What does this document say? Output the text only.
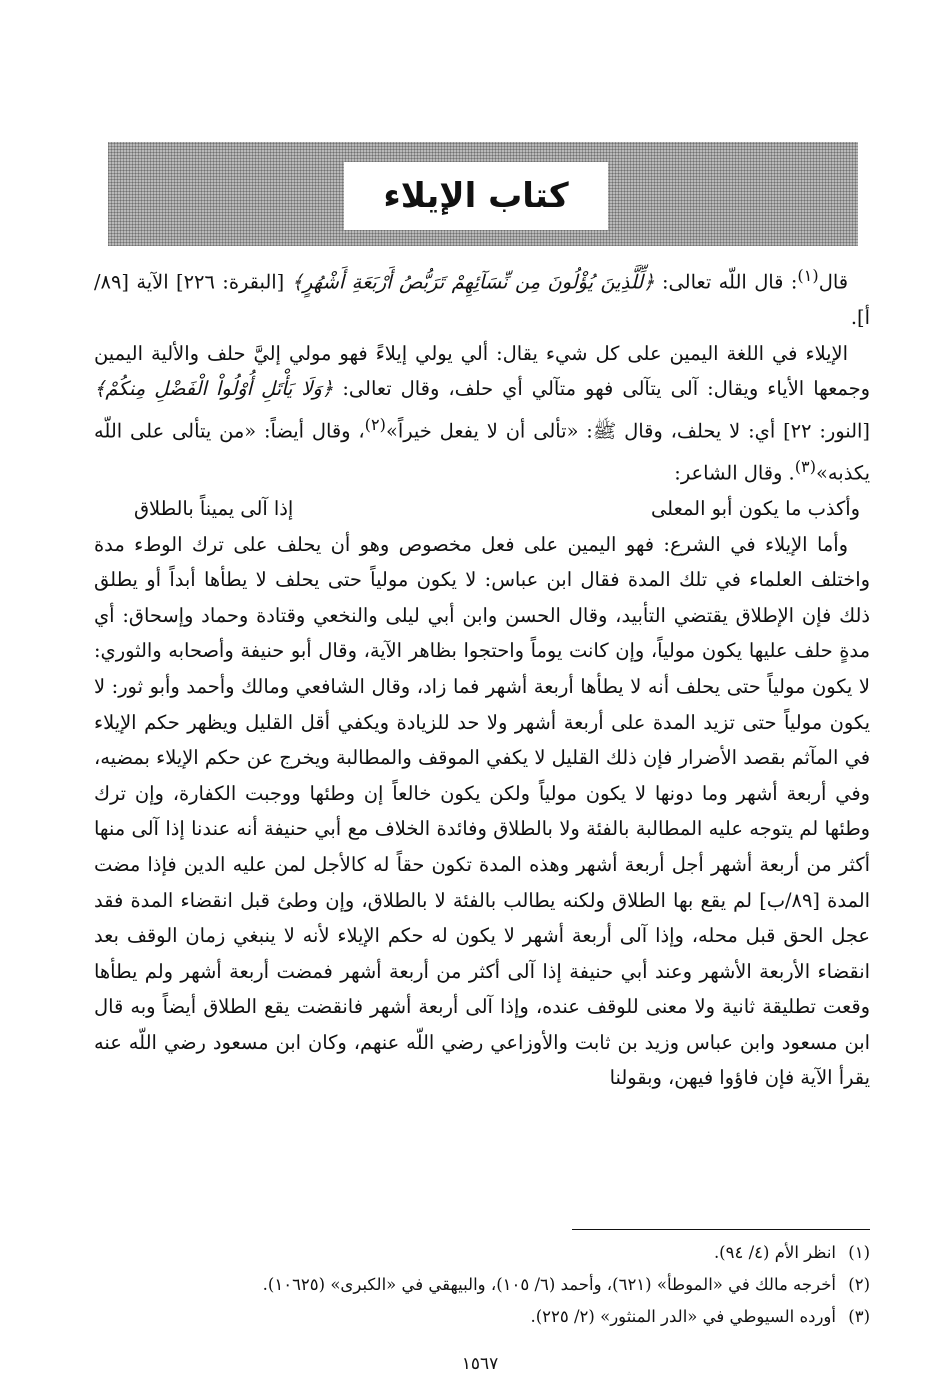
كتاب الإيلاء

قال$^{(١)}$: قال اللّه تعالى: ﴿لِّلَّذِينَ يُؤْلُونَ مِن نِّسَآئِهِمْ تَرَبُّصُ أَرْبَعَةِ أَشْهُرٍ﴾ [البقرة: ٢٢٦] الآية [٨٩/أ].

الإيلاء في اللغة اليمين على كل شيء يقال: ألي يولي إيلاءً فهو مولي إليَّ حلف والألية اليمين وجمعها الأياء ويقال: آلى يتآلى فهو متآلي أي حلف، وقال تعالى: ﴿وَلَا يَأْتَلِ أُوْلُواْ الْفَضْلِ مِنكُمْ﴾ [النور: ٢٢] أي: لا يحلف، وقال ﷺ: «تألى أن لا يفعل خيراً»$^{(٢)}$، وقال أيضاً: «من يتألى على اللّه يكذبه»$^{(٣)}$. وقال الشاعر:

وأكذب ما يكون أبو المعلى
إذا آلى يميناً بالطلاق

وأما الإيلاء في الشرع: فهو اليمين على فعل مخصوص وهو أن يحلف على ترك الوطء مدة واختلف العلماء في تلك المدة فقال ابن عباس: لا يكون مولياً حتى يحلف لا يطأها أبداً أو يطلق ذلك فإن الإطلاق يقتضي التأبيد، وقال الحسن وابن أبي ليلى والنخعي وقتادة وحماد وإسحاق: أي مدةٍ حلف عليها يكون مولياً، وإن كانت يوماً واحتجوا بظاهر الآية، وقال أبو حنيفة وأصحابه والثوري: لا يكون مولياً حتى يحلف أنه لا يطأها أربعة أشهر فما زاد، وقال الشافعي ومالك وأحمد وأبو ثور: لا يكون مولياً حتى تزيد المدة على أربعة أشهر ولا حد للزيادة ويكفي أقل القليل ويظهر حكم الإيلاء في المآثم بقصد الأضرار فإن ذلك القليل لا يكفي الموقف والمطالبة ويخرج عن حكم الإيلاء بمضيه، وفي أربعة أشهر وما دونها لا يكون مولياً ولكن يكون خالعاً إن وطئها ووجبت الكفارة، وإن ترك وطئها لم يتوجه عليه المطالبة بالفئة ولا بالطلاق وفائدة الخلاف مع أبي حنيفة أنه عندنا إذا آلى منها أكثر من أربعة أشهر أجل أربعة أشهر وهذه المدة تكون حقاً له كالأجل لمن عليه الدين فإذا مضت المدة [٨٩/ب] لم يقع بها الطلاق ولكنه يطالب بالفئة لا بالطلاق، وإن وطئ قبل انقضاء المدة فقد عجل الحق قبل محله، وإذا آلى أربعة أشهر لا يكون له حكم الإيلاء لأنه لا ينبغي زمان الوقف بعد انقضاء الأربعة الأشهر وعند أبي حنيفة إذا آلى أكثر من أربعة أشهر فمضت أربعة أشهر ولم يطأها وقعت تطليقة ثانية ولا معنى للوقف عنده، وإذا آلى أربعة أشهر فانقضت يقع الطلاق أيضاً وبه قال ابن مسعود وابن عباس وزيد بن ثابت والأوزاعي رضي اللّه عنهم، وكان ابن مسعود رضي اللّه عنه يقرأ الآية فإن فاؤوا فيهن، وبقولنا

(١)انظر الأم (٤/ ٩٤).

(٢)أخرجه مالك في «الموطأ» (٦٢١)، وأحمد (٦/ ١٠٥)، والبيهقي في «الكبرى» (١٠٦٢٥).

(٣)أورده السيوطي في «الدر المنثور» (٢/ ٢٢٥).

١٥٦٧
